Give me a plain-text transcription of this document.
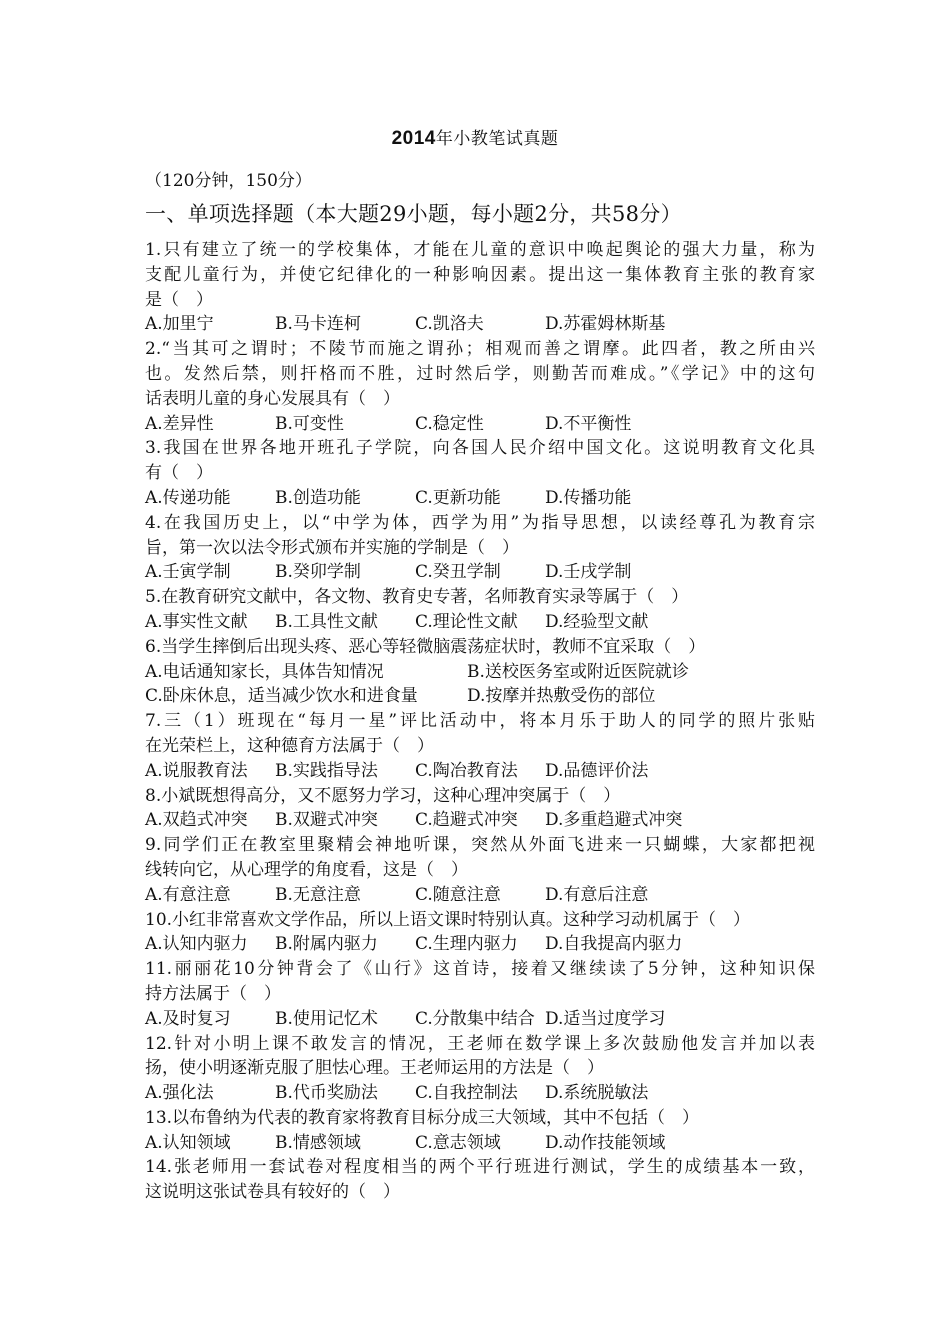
2014年小教笔试真题
（120分钟，150分）
一、单项选择题（本大题29小题，每小题2分，共58分）
1.只有建立了统一的学校集体，才能在儿童的意识中唤起舆论的强大力量，称为
支配儿童行为，并使它纪律化的一种影响因素。提出这一集体教育主张的教育家
是（　）
A.加里宁	B.马卡连柯	C.凯洛夫	D.苏霍姆林斯基
2.“当其可之谓时；不陵节而施之谓孙；相观而善之谓摩。此四者，教之所由兴
也。发然后禁，则扞格而不胜，过时然后学，则勤苦而难成。”《学记》中的这句
话表明儿童的身心发展具有（　）
A.差异性	B.可变性	C.稳定性	D.不平衡性
3.我国在世界各地开班孔子学院，向各国人民介绍中国文化。这说明教育文化具
有（　）
A.传递功能	B.创造功能	C.更新功能	D.传播功能
4.在我国历史上，以“中学为体，西学为用”为指导思想，以读经尊孔为教育宗
旨，第一次以法令形式颁布并实施的学制是（　）
A.壬寅学制	B.癸卯学制	C.癸丑学制	D.壬戌学制
5.在教育研究文献中，各文物、教育史专著，名师教育实录等属于（　）
A.事实性文献 B.工具性文献 C.理论性文献 D.经验型文献
6.当学生摔倒后出现头疼、恶心等轻微脑震荡症状时，教师不宜采取（　）
A.电话通知家长，具体告知情况	B.送校医务室或附近医院就诊
C.卧床休息，适当减少饮水和进食量	D.按摩并热敷受伤的部位
7.三（1）班现在“每月一星”评比活动中，将本月乐于助人的同学的照片张贴
在光荣栏上，这种德育方法属于（　）
A.说服教育法 B.实践指导法 C.陶冶教育法 D.品德评价法
8.小斌既想得高分，又不愿努力学习，这种心理冲突属于（　）
A.双趋式冲突 B.双避式冲突 C.趋避式冲突 D.多重趋避式冲突
9.同学们正在教室里聚精会神地听课，突然从外面飞进来一只蝴蝶，大家都把视
线转向它，从心理学的角度看，这是（　）
A.有意注意	B.无意注意	C.随意注意	D.有意后注意
10.小红非常喜欢文学作品，所以上语文课时特别认真。这种学习动机属于（　）
A.认知内驱力 B.附属内驱力 C.生理内驱力 D.自我提高内驱力
11.丽丽花10分钟背会了《山行》这首诗，接着又继续读了5分钟，这种知识保
持方法属于（　）
A.及时复习	B.使用记忆术 C.分散集中结合 D.适当过度学习
12.针对小明上课不敢发言的情况，王老师在数学课上多次鼓励他发言并加以表
扬，使小明逐渐克服了胆怯心理。王老师运用的方法是（　）
A.强化法	B.代币奖励法 C.自我控制法 D.系统脱敏法
13.以布鲁纳为代表的教育家将教育目标分成三大领域，其中不包括（　）
A.认知领域	B.情感领域	C.意志领域	D.动作技能领域
14.张老师用一套试卷对程度相当的两个平行班进行测试，学生的成绩基本一致，
这说明这张试卷具有较好的（　）
